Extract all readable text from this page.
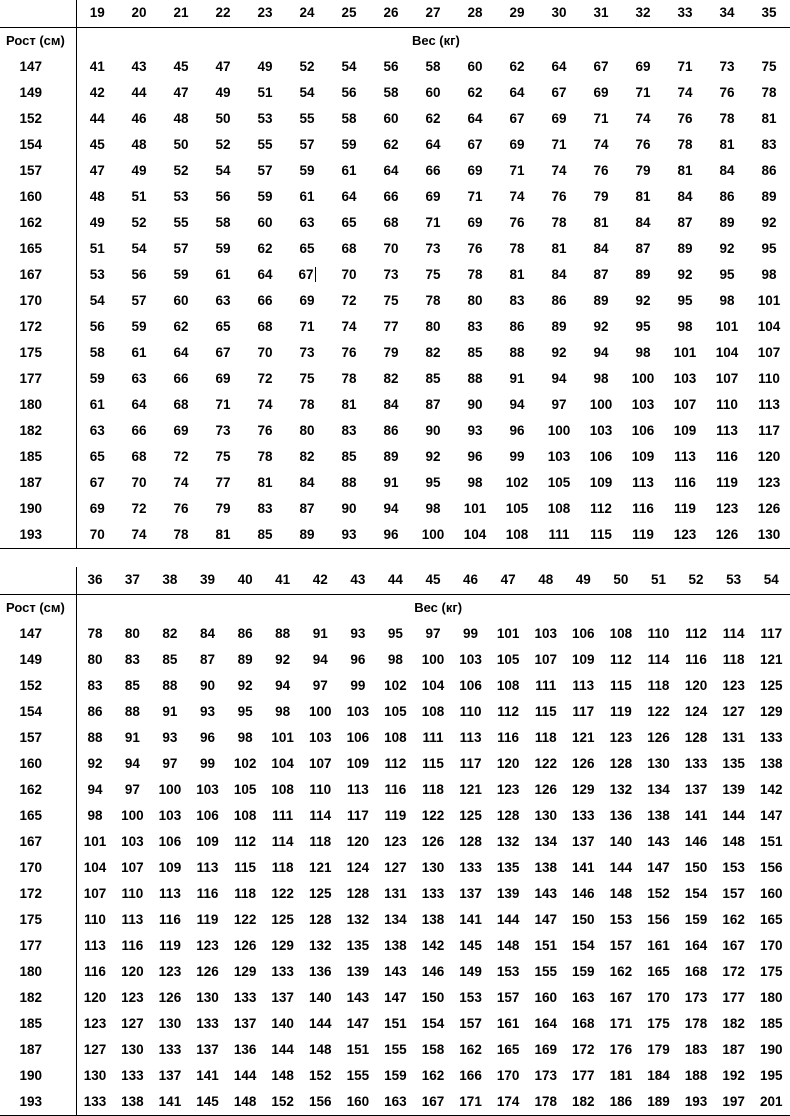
	19	20	21	22	23	24	25	26	27	28	29	30	31	32	33	34	35

Рост (см)									Вес (кг)								
147	41	43	45	47	49	52	54	56	58	60	62	64	67	69	71	73	75
149	42	44	47	49	51	54	56	58	60	62	64	67	69	71	74	76	78
152	44	46	48	50	53	55	58	60	62	64	67	69	71	74	76	78	81
154	45	48	50	52	55	57	59	62	64	67	69	71	74	76	78	81	83
157	47	49	52	54	57	59	61	64	66	69	71	74	76	79	81	84	86
160	48	51	53	56	59	61	64	66	69	71	74	76	79	81	84	86	89
162	49	52	55	58	60	63	65	68	71	69	76	78	81	84	87	89	92
165	51	54	57	59	62	65	68	70	73	76	78	81	84	87	89	92	95
167	53	56	59	61	64	67	70	73	75	78	81	84	87	89	92	95	98
170	54	57	60	63	66	69	72	75	78	80	83	86	89	92	95	98	101
172	56	59	62	65	68	71	74	77	80	83	86	89	92	95	98	101	104
175	58	61	64	67	70	73	76	79	82	85	88	92	94	98	101	104	107
177	59	63	66	69	72	75	78	82	85	88	91	94	98	100	103	107	110
180	61	64	68	71	74	78	81	84	87	90	94	97	100	103	107	110	113
182	63	66	69	73	76	80	83	86	90	93	96	100	103	106	109	113	117
185	65	68	72	75	78	82	85	89	92	96	99	103	106	109	113	116	120
187	67	70	74	77	81	84	88	91	95	98	102	105	109	113	116	119	123
190	69	72	76	79	83	87	90	94	98	101	105	108	112	116	119	123	126
193	70	74	78	81	85	89	93	96	100	104	108	111	115	119	123	126	130
	36	37	38	39	40	41	42	43	44	45	46	47	48	49	50	51	52	53	54

Рост (см)										Вес (кг)									
147	78	80	82	84	86	88	91	93	95	97	99	101	103	106	108	110	112	114	117
149	80	83	85	87	89	92	94	96	98	100	103	105	107	109	112	114	116	118	121
152	83	85	88	90	92	94	97	99	102	104	106	108	111	113	115	118	120	123	125
154	86	88	91	93	95	98	100	103	105	108	110	112	115	117	119	122	124	127	129
157	88	91	93	96	98	101	103	106	108	111	113	116	118	121	123	126	128	131	133
160	92	94	97	99	102	104	107	109	112	115	117	120	122	126	128	130	133	135	138
162	94	97	100	103	105	108	110	113	116	118	121	123	126	129	132	134	137	139	142
165	98	100	103	106	108	111	114	117	119	122	125	128	130	133	136	138	141	144	147
167	101	103	106	109	112	114	118	120	123	126	128	132	134	137	140	143	146	148	151
170	104	107	109	113	115	118	121	124	127	130	133	135	138	141	144	147	150	153	156
172	107	110	113	116	118	122	125	128	131	133	137	139	143	146	148	152	154	157	160
175	110	113	116	119	122	125	128	132	134	138	141	144	147	150	153	156	159	162	165
177	113	116	119	123	126	129	132	135	138	142	145	148	151	154	157	161	164	167	170
180	116	120	123	126	129	133	136	139	143	146	149	153	155	159	162	165	168	172	175
182	120	123	126	130	133	137	140	143	147	150	153	157	160	163	167	170	173	177	180
185	123	127	130	133	137	140	144	147	151	154	157	161	164	168	171	175	178	182	185
187	127	130	133	137	136	144	148	151	155	158	162	165	169	172	176	179	183	187	190
190	130	133	137	141	144	148	152	155	159	162	166	170	173	177	181	184	188	192	195
193	133	138	141	145	148	152	156	160	163	167	171	174	178	182	186	189	193	197	201
